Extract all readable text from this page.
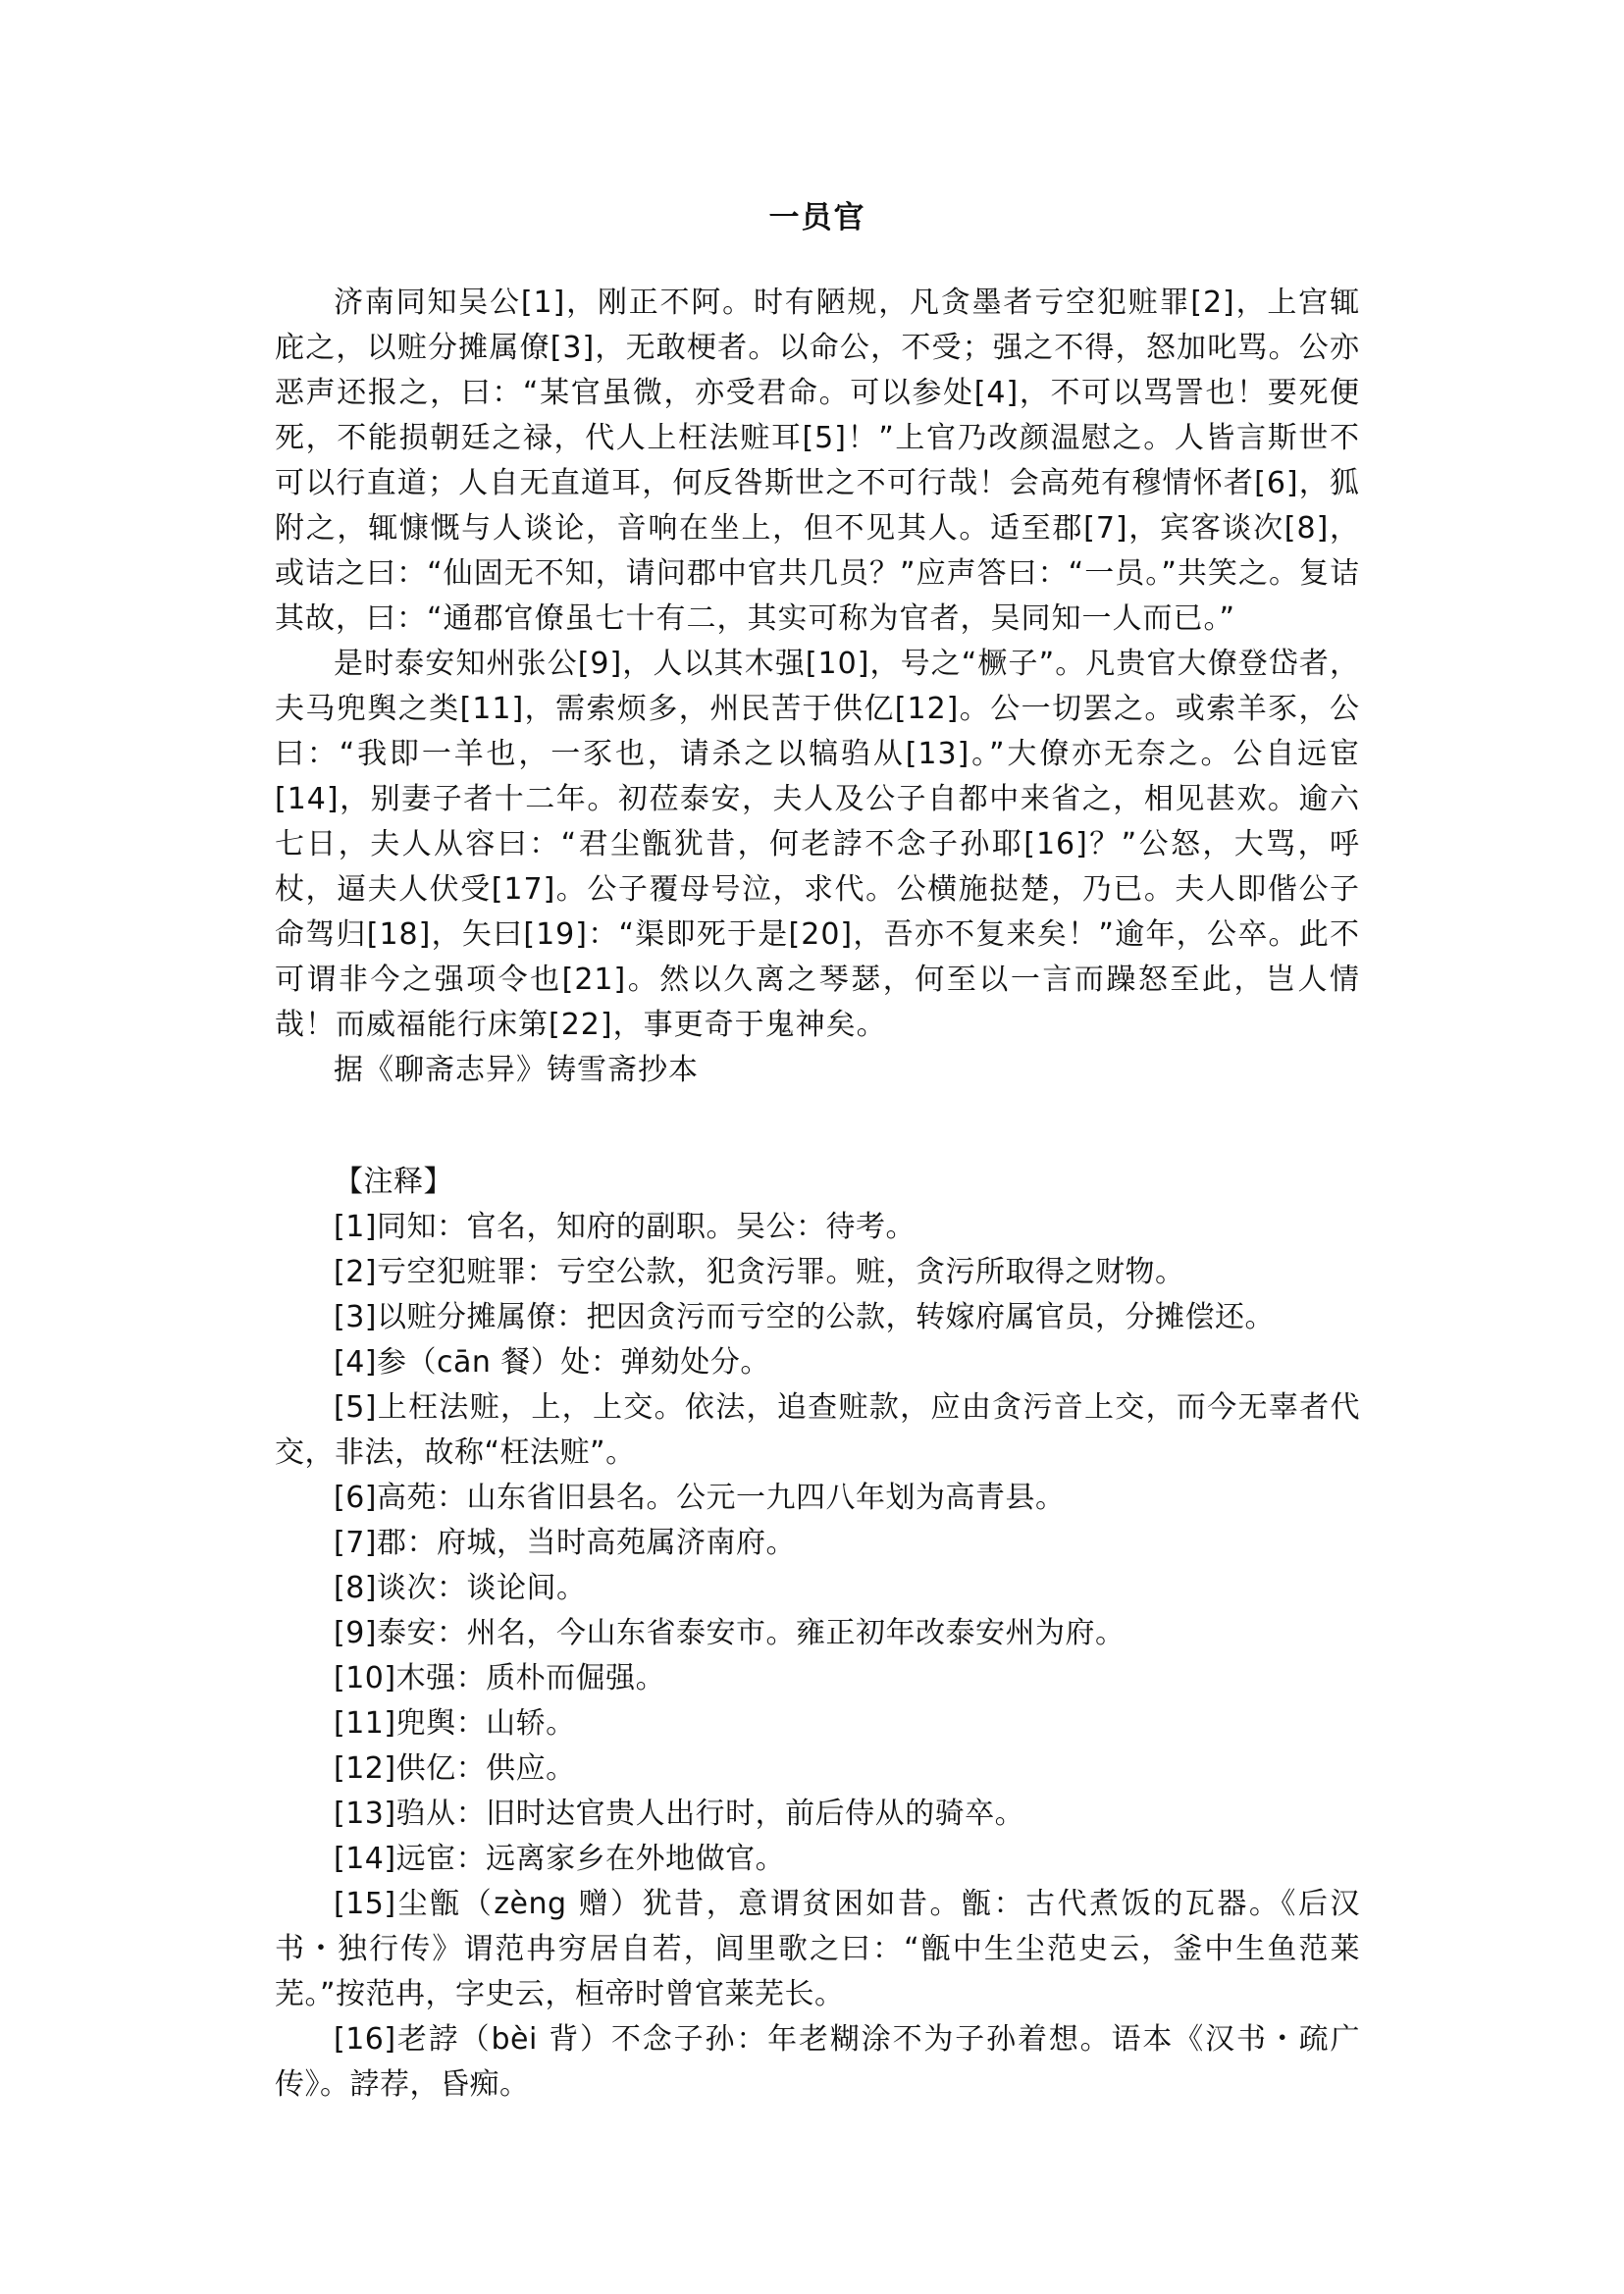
一员官

济南同知吴公[1]，刚正不阿。时有陋规，凡贪墨者亏空犯赃罪[2]，上宫辄庇之，以赃分摊属僚[3]，无敢梗者。以命公，不受；强之不得，怒加叱骂。公亦恶声还报之，曰：“某官虽微，亦受君命。可以参处[4]，不可以骂詈也！要死便死，不能损朝廷之禄，代人上枉法赃耳[5]！”上官乃改颜温慰之。人皆言斯世不可以行直道；人自无直道耳，何反咎斯世之不可行哉！会高苑有穆情怀者[6]，狐附之，辄慷慨与人谈论，音响在坐上，但不见其人。适至郡[7]，宾客谈次[8]，或诘之曰：“仙固无不知，请问郡中官共几员？”应声答曰：“一员。”共笑之。复诘其故，曰：“通郡官僚虽七十有二，其实可称为官者，吴同知一人而已。”

是时泰安知州张公[9]，人以其木强[10]，号之“橛子”。凡贵官大僚登岱者，夫马兜舆之类[11]，需索烦多，州民苦于供亿[12]。公一切罢之。或索羊豕，公曰：“我即一羊也，一豕也，请杀之以犒驺从[13]。”大僚亦无奈之。公自远宦[14]，别妻子者十二年。初莅泰安，夫人及公子自都中来省之，相见甚欢。逾六七日，夫人从容曰：“君尘甑犹昔，何老誖不念子孙耶[16]？”公怒，大骂，呼杖，逼夫人伏受[17]。公子覆母号泣，求代。公横施挞楚，乃已。夫人即偕公子命驾归[18]，矢曰[19]：“渠即死于是[20]，吾亦不复来矣！”逾年，公卒。此不可谓非今之强项令也[21]。然以久离之琴瑟，何至以一言而躁怒至此，岂人情哉！而威福能行床第[22]，事更奇于鬼神矣。

据《聊斋志异》铸雪斋抄本

【注释】

[1]同知：官名，知府的副职。吴公：待考。

[2]亏空犯赃罪：亏空公款，犯贪污罪。赃，贪污所取得之财物。

[3]以赃分摊属僚：把因贪污而亏空的公款，转嫁府属官员，分摊偿还。

[4]参（cān 餐）处：弹劾处分。

[5]上枉法赃，上，上交。依法，追查赃款，应由贪污音上交，而今无辜者代交，非法，故称“枉法赃”。

[6]高苑：山东省旧县名。公元一九四八年划为高青县。

[7]郡：府城，当时高苑属济南府。

[8]谈次：谈论间。

[9]泰安：州名，今山东省泰安市。雍正初年改泰安州为府。

[10]木强：质朴而倔强。

[11]兜舆：山轿。

[12]供亿：供应。

[13]驺从：旧时达官贵人出行时，前后侍从的骑卒。

[14]远宦：远离家乡在外地做官。

[15]尘甑（zèng 赠）犹昔，意谓贫困如昔。甑：古代煮饭的瓦器。《后汉书・独行传》谓范冉穷居自若，闾里歌之曰：“甑中生尘范史云，釜中生鱼范莱芜。”按范冉，字史云，桓帝时曾官莱芜长。

[16]老誖（bèi 背）不念子孙：年老糊涂不为子孙着想。语本《汉书・疏广传》。誖荐，昏痴。
